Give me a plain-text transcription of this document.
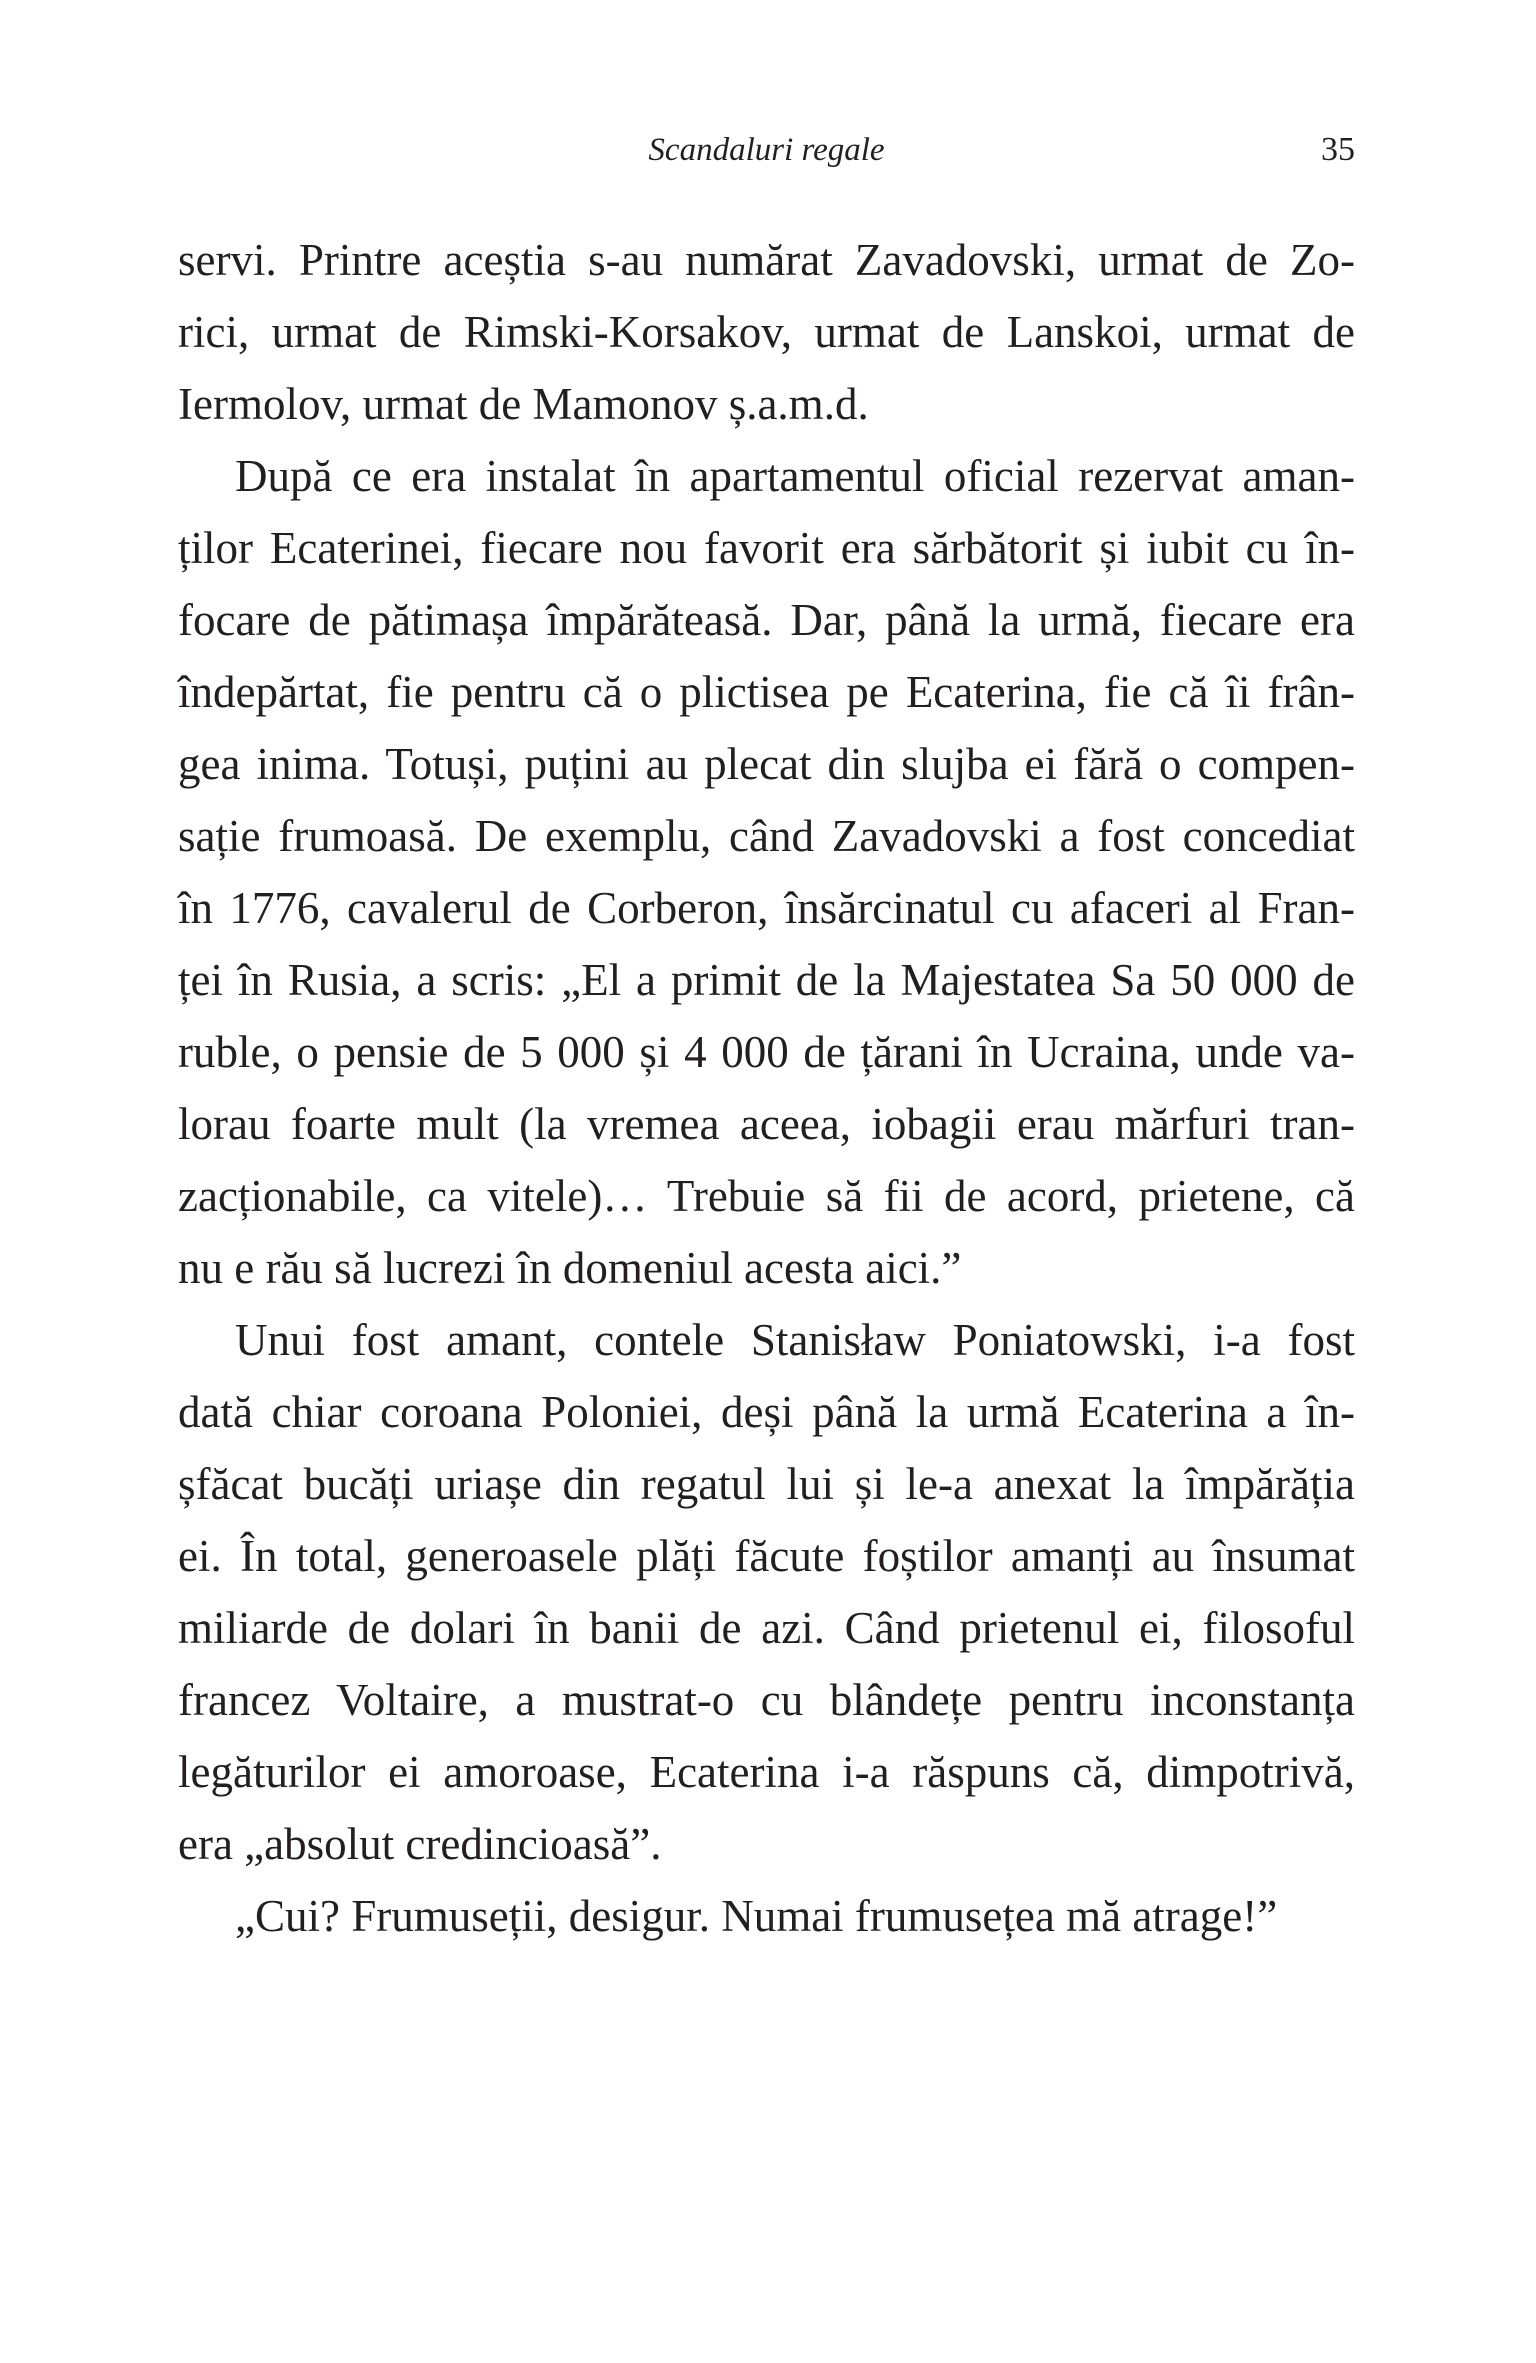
Scandaluri regale	35
servi. Printre aceștia s-au numărat Zavadovski, urmat de Zo-
rici, urmat de Rimski-Korsakov, urmat de Lanskoi, urmat de
Iermolov, urmat de Mamonov ș.a.m.d.
După ce era instalat în apartamentul oficial rezervat aman-
ților Ecaterinei, fiecare nou favorit era sărbătorit și iubit cu în-
focare de pătimașa împărăteasă. Dar, până la urmă, fiecare era
îndepărtat, fie pentru că o plictisea pe Ecaterina, fie că îi frân-
gea inima. Totuși, puțini au plecat din slujba ei fără o compen-
sație frumoasă. De exemplu, când Zavadovski a fost concediat
în 1776, cavalerul de Corberon, însărcinatul cu afaceri al Fran-
ței în Rusia, a scris: „El a primit de la Majestatea Sa 50 000 de
ruble, o pensie de 5 000 și 4 000 de țărani în Ucraina, unde va-
lorau foarte mult (la vremea aceea, iobagii erau mărfuri tran-
zacționabile, ca vitele)… Trebuie să fii de acord, prietene, că
nu e rău să lucrezi în domeniul acesta aici.”
Unui fost amant, contele Stanisław Poniatowski, i-a fost
dată chiar coroana Poloniei, deși până la urmă Ecaterina a în-
șfăcat bucăți uriașe din regatul lui și le-a anexat la împărăția
ei. În total, generoasele plăți făcute foștilor amanți au însumat
miliarde de dolari în banii de azi. Când prietenul ei, filosoful
francez Voltaire, a mustrat-o cu blândețe pentru inconstanța
legăturilor ei amoroase, Ecaterina i-a răspuns că, dimpotrivă,
era „absolut credincioasă”.
„Cui? Frumuseții, desigur. Numai frumusețea mă atrage!”
